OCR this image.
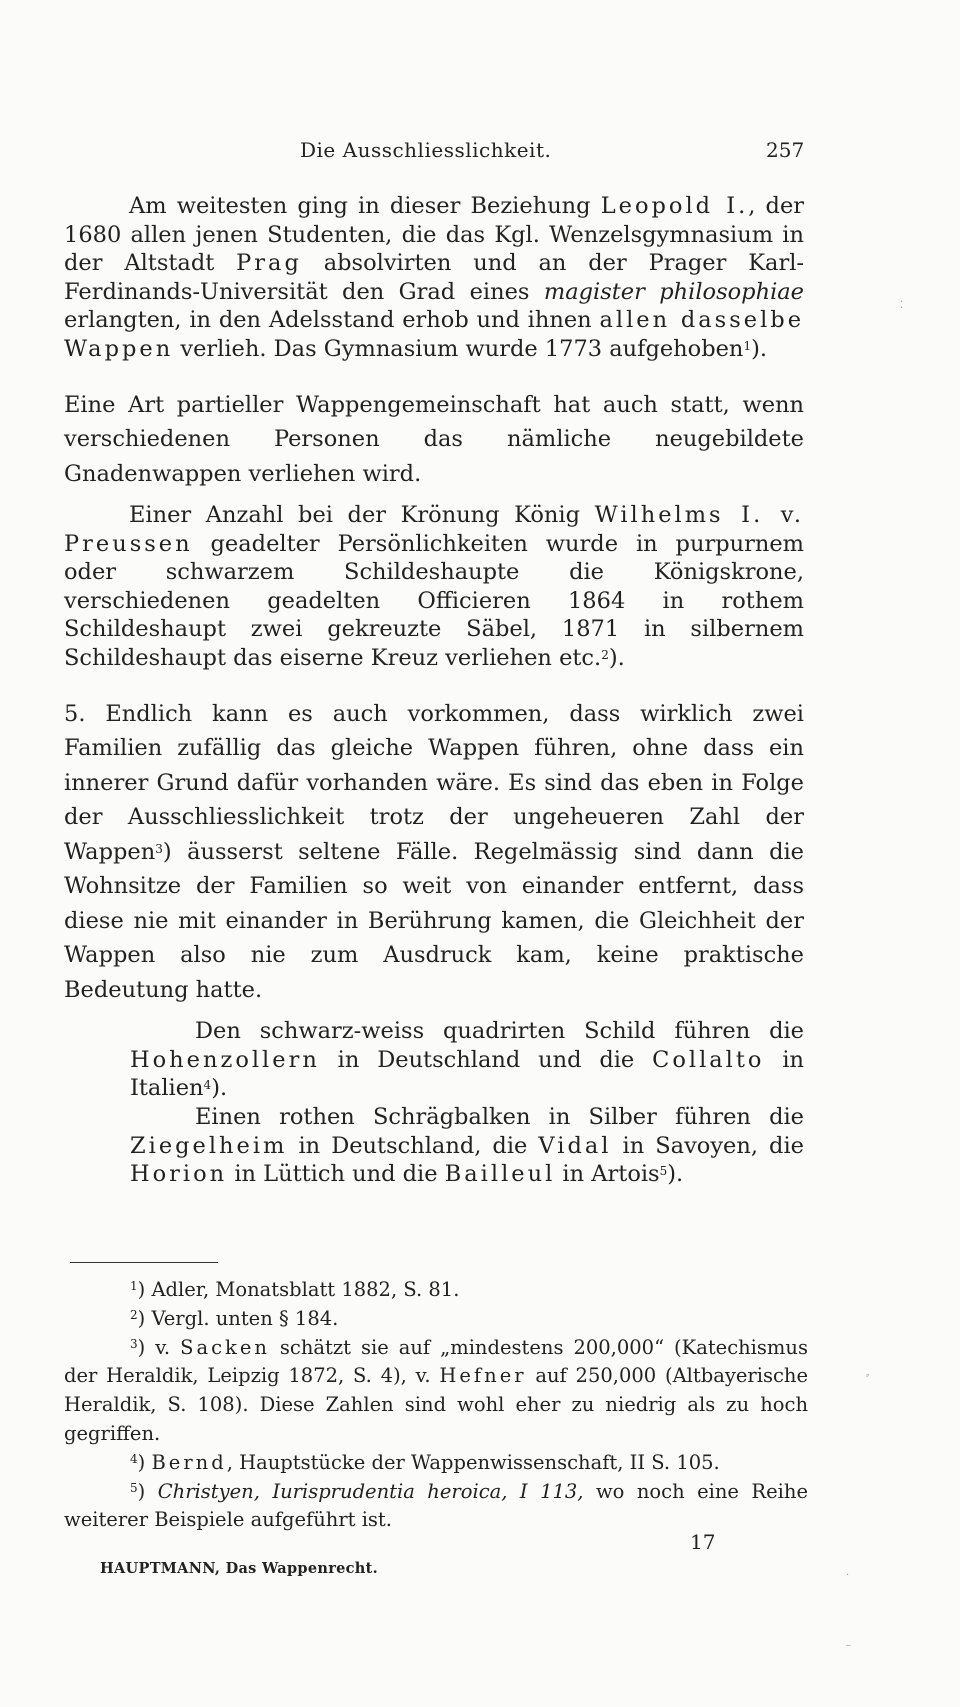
Die Ausschliesslichkeit.	257

Am weitesten ging in dieser Beziehung Leopold I., der 1680 allen jenen Studenten, die das Kgl. Wenzelsgymnasium in der Altstadt Prag absolvirten und an der Prager Karl-Ferdinands-Universität den Grad eines magister philosophiae erlangten, in den Adelsstand erhob und ihnen allen dasselbe Wappen verlieh. Das Gymnasium wurde 1773 aufgehoben$^1$).

Eine Art partieller Wappengemeinschaft hat auch statt, wenn verschiedenen Personen das nämliche neugebildete Gnadenwappen verliehen wird.

Einer Anzahl bei der Krönung König Wilhelms I. v. Preussen geadelter Persönlichkeiten wurde in purpurnem oder schwarzem Schildeshaupte die Königskrone, verschiedenen geadelten Officieren 1864 in rothem Schildeshaupt zwei gekreuzte Säbel, 1871 in silbernem Schildeshaupt das eiserne Kreuz verliehen etc.$^2$).

5. Endlich kann es auch vorkommen, dass wirklich zwei Familien zufällig das gleiche Wappen führen, ohne dass ein innerer Grund dafür vorhanden wäre. Es sind das eben in Folge der Ausschliesslichkeit trotz der ungeheueren Zahl der Wappen$^3$) äusserst seltene Fälle. Regelmässig sind dann die Wohnsitze der Familien so weit von einander entfernt, dass diese nie mit einander in Berührung kamen, die Gleichheit der Wappen also nie zum Ausdruck kam, keine praktische Bedeutung hatte.

Den schwarz-weiss quadrirten Schild führen die Hohenzollern in Deutschland und die Collalto in Italien$^4$).

Einen rothen Schrägbalken in Silber führen die Ziegelheim in Deutschland, die Vidal in Savoyen, die Horion in Lüttich und die Bailleul in Artois$^5$).

$^1$) Adler, Monatsblatt 1882, S. 81.

$^2$) Vergl. unten § 184.

$^3$) v. Sacken schätzt sie auf „mindestens 200,000“ (Katechismus der Heraldik, Leipzig 1872, S. 4), v. Hefner auf 250,000 (Altbayerische Heraldik, S. 108). Diese Zahlen sind wohl eher zu niedrig als zu hoch gegriffen.

$^4$) Bernd, Hauptstücke der Wappenwissenschaft, II S. 105.

$^5$) Christyen, Iurisprudentia heroica, I 113, wo noch eine Reihe weiterer Beispiele aufgeführt ist.

17
HAUPTMANN, Das Wappenrecht.
⁚
⸗
·
–
